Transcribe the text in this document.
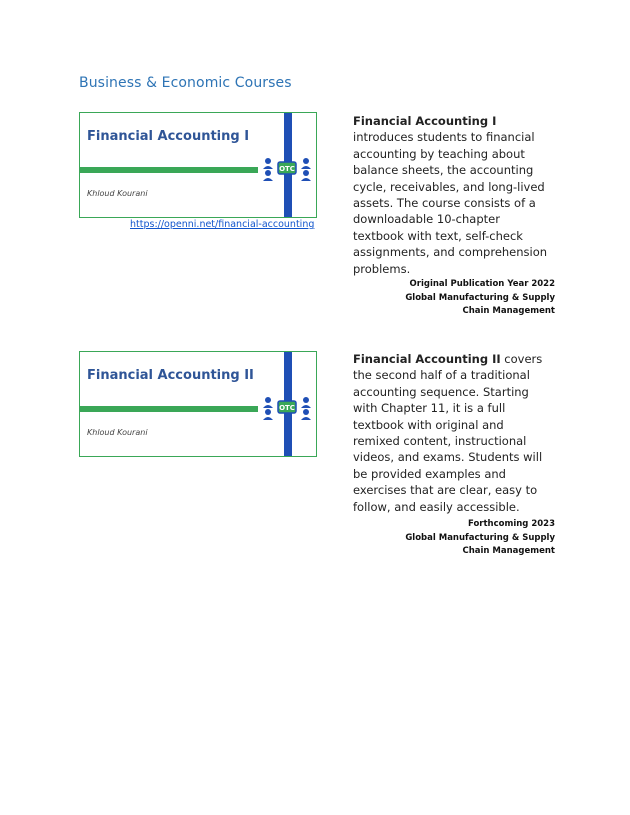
Business & Economic Courses
Financial Accounting I
OTC
Khloud Kourani
https://openni.net/financial-accounting
Financial Accounting I introduces students to financial accounting by teaching about balance sheets, the accounting cycle, receivables, and long-lived assets. The course consists of a downloadable 10-chapter textbook with text, self-check assignments, and comprehension problems.
Original Publication Year 2022
Global Manufacturing & Supply Chain Management
Financial Accounting II
OTC
Khloud Kourani
Financial Accounting II covers the second half of a traditional accounting sequence. Starting with Chapter 11, it is a full textbook with original and remixed content, instructional videos, and exams. Students will be provided examples and exercises that are clear, easy to follow, and easily accessible.
Forthcoming 2023
Global Manufacturing & Supply Chain Management
